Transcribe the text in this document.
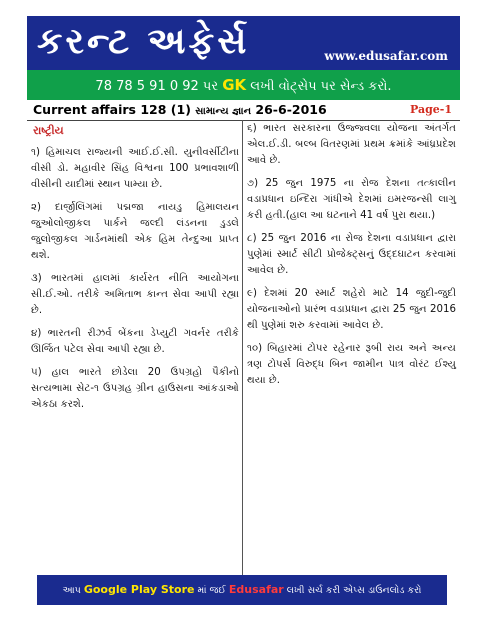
કરન્ટ અફેર્સ	www.edusafar.com
78 78 5 91 0 92 પર GK લખી વોટ્સેપ પર સેન્ડ કરો.
Current affairs 128 (1) સામાન્ય જ્ઞાન 26-6-2016	Page-1
રાષ્ટ્રીય
૧) હિમાચલ રાજ્યની આઈ.ઈ.સી. યુનીવર્સીટીના વીસી ડો. મહાવીર સિંહ વિશ્વના 100 પ્રભાવશાળી વીસીની યાદીમાં સ્થાન પામ્યા છે.
૨) દાર્જીલિંગમાં પદ્મજા નાયડુ હિમાલયન જુઓલોજીકલ પાર્કને જલ્દી લંડનના ડુડલે જુલોજીકલ ગાર્ડનમાંથી એક હિમ તેન્દુઆ પ્રાપ્ત થશે.
૩) ભારતમાં હાલમાં કાર્યરત નીતિ આયોગના સી.ઈ.ઓ. તરીકે અમિતાભ કાન્ત સેવા આપી રહ્યા છે.
૪) ભારતની રીઝર્વ બેંકના ડેપ્યુટી ગવર્નર તરીકે ઊર્જિત પટેલ સેવા આપી રહ્યા છે.
૫) હાલ ભારતે છોડેલા 20 ઉપગ્રહો પૈકીનો સત્યભામા સેટ-૧ ઉપગ્રહ ગ્રીન હાઉસના આંકડાઓ એકઠા કરશે.
૬) ભારત સરકારના ઉજ્જ્વલા યોજના અંતર્ગત એલ.ઈ.ડી. બલ્બ વિતરણમાં પ્રથમ ક્રમાંકે આંધ્રપ્રદેશ આવે છે.
૭) 25 જુન 1975 ના રોજ દેશના તત્કાલીન વડાપ્રધાન ઇન્દિરા ગાંધીએ દેશમાં ઇમરજન્સી લાગુ કરી હતી.(હાલ આ ઘટનાને 41 વર્ષ પુરા થયા.)
૮) 25 જુન 2016 ના રોજ દેશના વડાપ્રધાન દ્વારા પુણેમાં સ્માર્ટ સીટી પ્રોજેક્ટ્સનું ઉદ્દઘાટન કરવામાં આવેલ છે.
૯) દેશમાં 20 સ્માર્ટ શહેરો માટે 14 જુદી-જુદી યોજનાઓનો પ્રારંભ વડાપ્રધાન દ્વારા 25 જુન 2016 થી પુણેમાં શરુ કરવામાં આવેલ છે.
૧૦) બિહારમાં ટોપર રહેનાર રૂબી રાય અને અન્ય ત્રણ ટોપર્સ વિરુદ્ધ બિન જામીન પાત્ર વોરંટ ઈશ્યુ થયા છે.
આપ Google Play Store માં જઈ Edusafar લખી સર્ચ કરી એપ્સ ડાઉનલોડ કરો
